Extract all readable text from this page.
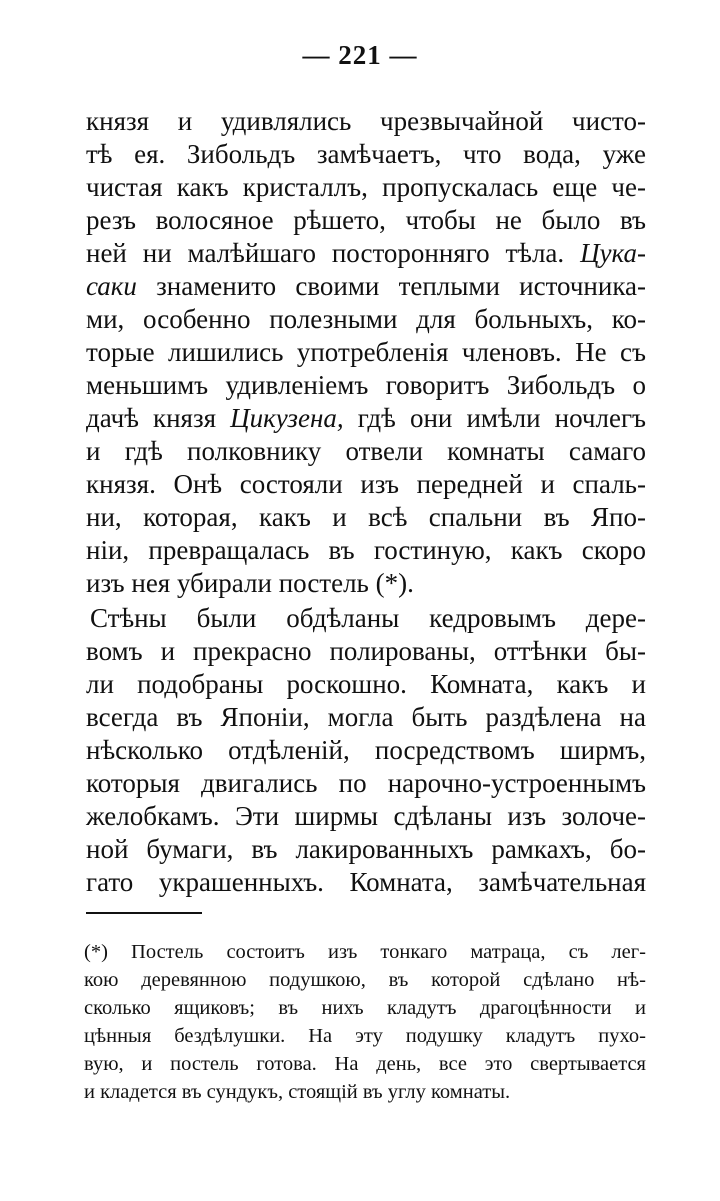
— 221 —
князя и удивлялись чрезвычайной чисто-
тѣ ея. Зибольдъ замѣчаетъ, что вода, уже
чистая какъ кристаллъ, пропускалась еще че-
резъ волосяное рѣшето, чтобы не было въ
ней ни малѣйшаго посторонняго тѣла. Цука-
саки знаменито своими теплыми источника-
ми, особенно полезными для больныхъ, ко-
торые лишились употребленія членовъ. Не съ
меньшимъ удивленіемъ говоритъ Зибольдъ о
дачѣ князя Цикузена, гдѣ они имѣли ночлегъ
и гдѣ полковнику отвели комнаты самаго
князя. Онѣ состояли изъ передней и спаль-
ни, которая, какъ и всѣ спальни въ Япо-
ніи, превращалась въ гостиную, какъ скоро
изъ нея убирали постель (*).
Стѣны были обдѣланы кедровымъ дере-
вомъ и прекрасно полированы, оттѣнки бы-
ли подобраны роскошно. Комната, какъ и
всегда въ Японіи, могла быть раздѣлена на
нѣсколько отдѣленій, посредствомъ ширмъ,
которыя двигались по нарочно-устроеннымъ
желобкамъ. Эти ширмы сдѣланы изъ золоче-
ной бумаги, въ лакированныхъ рамкахъ, бо-
гато украшенныхъ. Комната, замѣчательная
(*) Постель состоитъ изъ тонкаго матраца, съ лег-
кою деревянною подушкою, въ которой сдѣлано нѣ-
сколько ящиковъ; въ нихъ кладутъ драгоцѣнности и
цѣнныя бездѣлушки. На эту подушку кладутъ пухо-
вую, и постель готова. На день, все это свертывается
и кладется въ сундукъ, стоящій въ углу комнаты.
